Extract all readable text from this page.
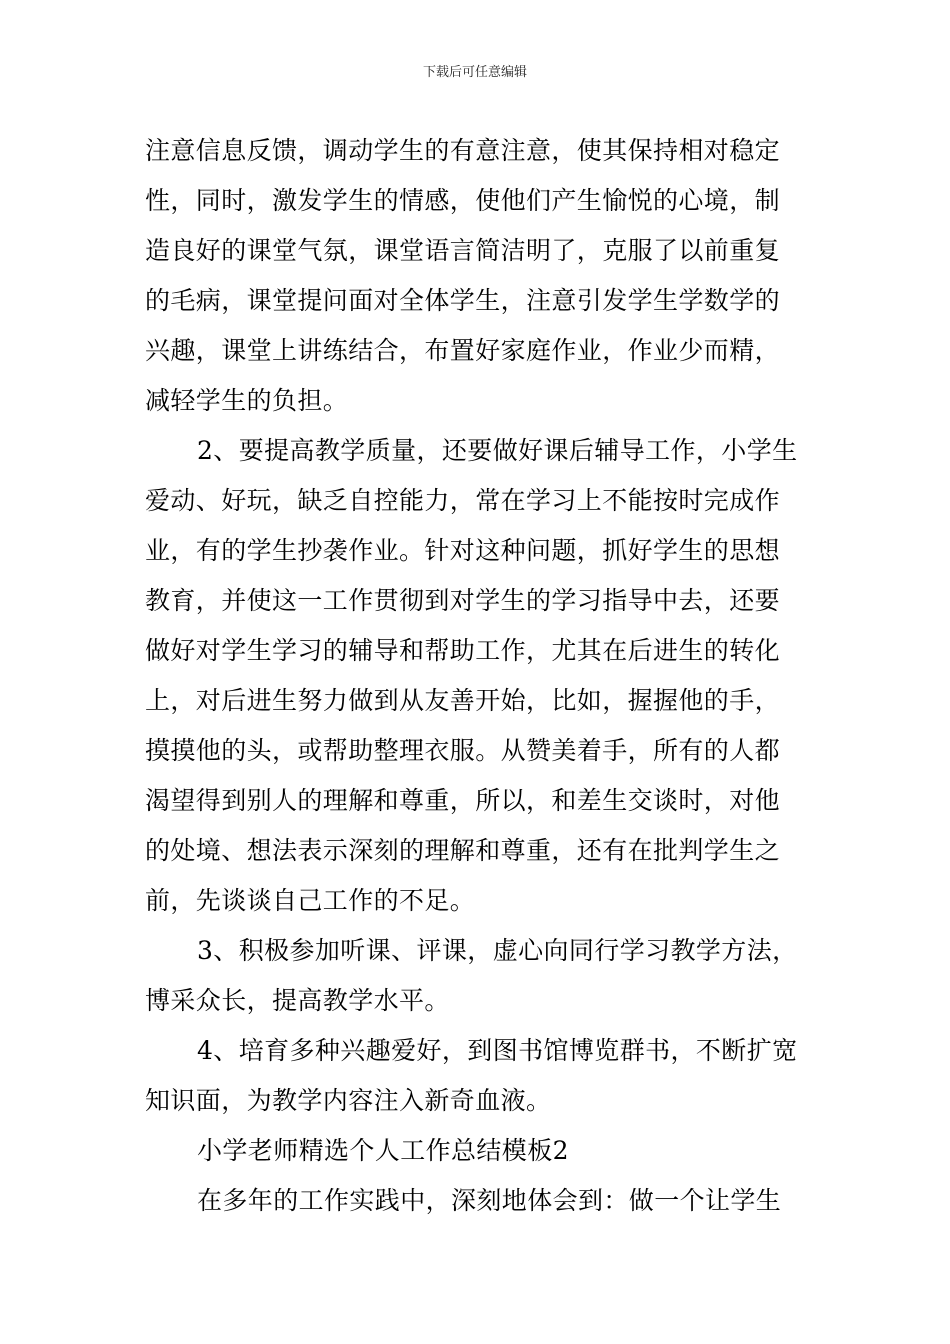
下载后可任意编辑
注意信息反馈，调动学生的有意注意，使其保持相对稳定
性，同时，激发学生的情感，使他们产生愉悦的心境，制
造良好的课堂气氛，课堂语言简洁明了，克服了以前重复
的毛病，课堂提问面对全体学生，注意引发学生学数学的
兴趣，课堂上讲练结合，布置好家庭作业，作业少而精，
减轻学生的负担。
2、要提高教学质量，还要做好课后辅导工作，小学生
爱动、好玩，缺乏自控能力，常在学习上不能按时完成作
业，有的学生抄袭作业。针对这种问题，抓好学生的思想
教育，并使这一工作贯彻到对学生的学习指导中去，还要
做好对学生学习的辅导和帮助工作，尤其在后进生的转化
上，对后进生努力做到从友善开始，比如，握握他的手，
摸摸他的头，或帮助整理衣服。从赞美着手，所有的人都
渴望得到别人的理解和尊重，所以，和差生交谈时，对他
的处境、想法表示深刻的理解和尊重，还有在批判学生之
前，先谈谈自己工作的不足。
3、积极参加听课、评课，虚心向同行学习教学方法，
博采众长，提高教学水平。
4、培育多种兴趣爱好，到图书馆博览群书，不断扩宽
知识面，为教学内容注入新奇血液。
小学老师精选个人工作总结模板2
在多年的工作实践中，深刻地体会到：做一个让学生
